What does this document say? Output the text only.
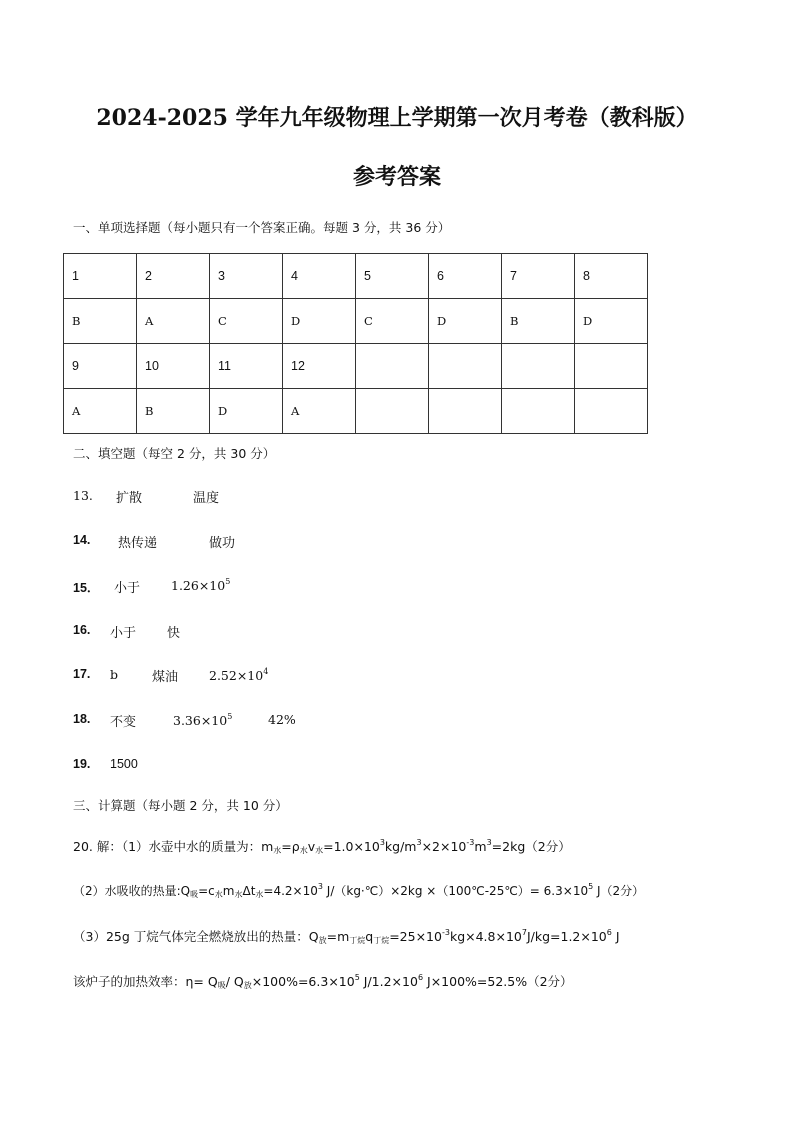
2024-2025 学年九年级物理上学期第一次月考卷（教科版）
参考答案
一、单项选择题（每小题只有一个答案正确。每题 3 分，共 36 分）
1	2	3	4	5	6	7	8
B	A	C	D	C	D	B	D
9	10	11	12				
A	B	D	A				
二、填空题（每空 2 分，共 30 分）
13. 扩散	温度
14. 热传递	做功
15． 小于 $1.26\times 10^5$
16. 小于 快
17. b	煤油 $2.52\times 10^4$
18. 不变	$3.36\times 10^5$	42%
19. 1500
三、计算题（每小题 2 分，共 10 分）
20. 解：（1）水壶中水的质量为：$m_水=\rho_水v_水=1.0\times 10^3kg/m^3\times 2\times 10^{-3}m^3=2kg(2$分）
（2）水吸收的热量$:Q_吸=c_水m_水\Delta t_水=4.2\times 10^3$ J/（kg·℃）×2kg ×（100℃-25℃）= $6.3\times 10^5$ J（2分）
（3）25g 丁烷气体完全燃烧放出的热量：$Q_放=m_{丁烷}q_{丁烷}=25\times 10^{-3}kg\times 4.8\times 10^7J/kg=1.2\times 10^6$ J
该炉子的加热效率：$\eta= Q_吸/$ $Q_放\times 100\%=6.3\times 10^5$ $J/1.2\times 10^6$ J×100%=52.5%（2分）
